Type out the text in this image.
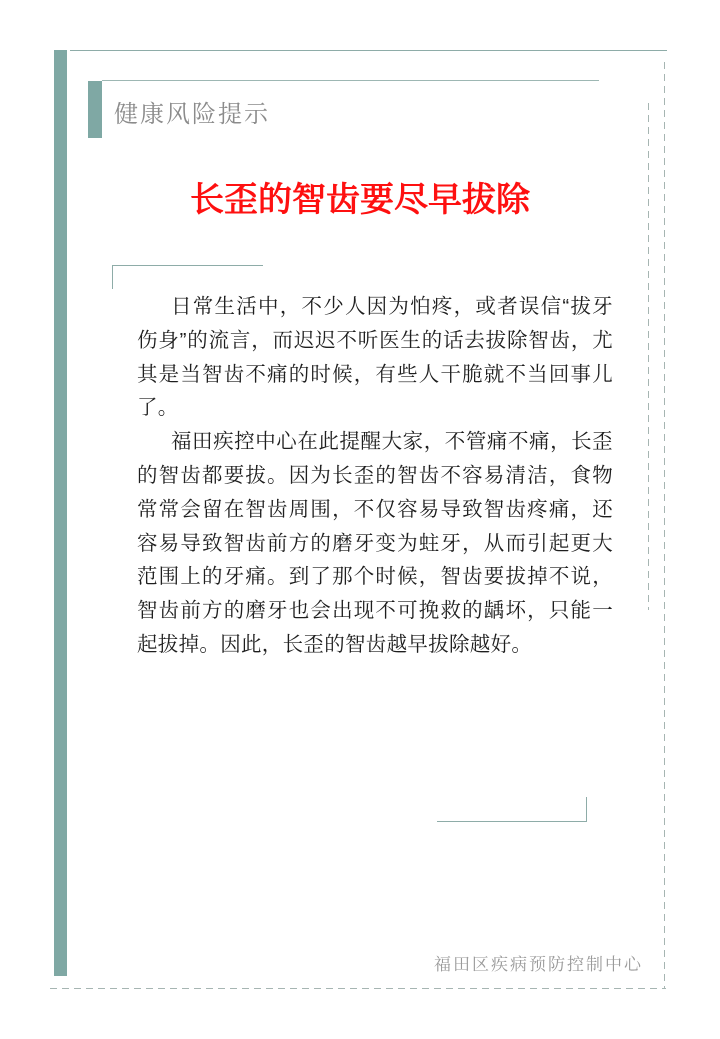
健康风险提示
长歪的智齿要尽早拔除

日常生活中，不少人因为怕疼，或者误信“拔牙伤身”的流言，而迟迟不听医生的话去拔除智齿，尤其是当智齿不痛的时候，有些人干脆就不当回事儿了。

福田疾控中心在此提醒大家，不管痛不痛，长歪的智齿都要拔。因为长歪的智齿不容易清洁，食物常常会留在智齿周围，不仅容易导致智齿疼痛，还容易导致智齿前方的磨牙变为蛀牙，从而引起更大范围上的牙痛。到了那个时候，智齿要拔掉不说，智齿前方的磨牙也会出现不可挽救的龋坏，只能一起拔掉。因此，长歪的智齿越早拔除越好。

福田区疾病预防控制中心
